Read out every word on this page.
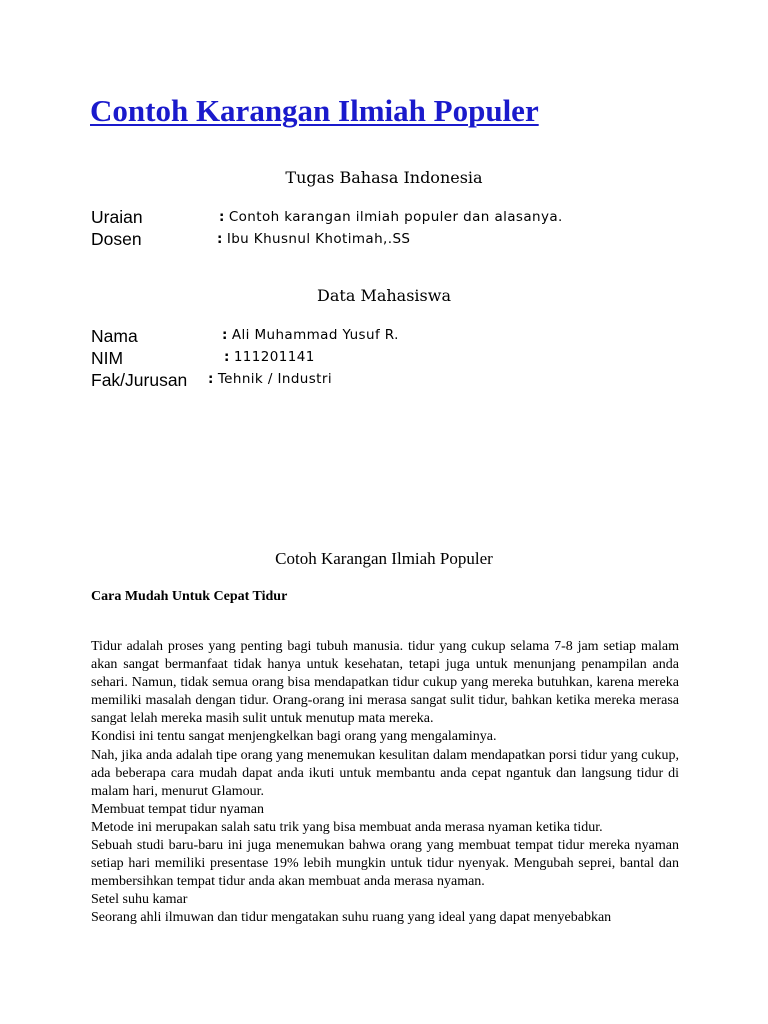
Contoh Karangan Ilmiah Populer
Tugas Bahasa Indonesia
Uraian	: Contoh karangan ilmiah populer dan alasanya.
Dosen	: Ibu Khusnul Khotimah,.SS
Data Mahasiswa
Nama	: Ali Muhammad Yusuf R.
NIM	: 111201141
Fak/Jurusan : Tehnik / Industri
Cotoh Karangan Ilmiah Populer
Cara Mudah Untuk Cepat Tidur

Tidur adalah proses yang penting bagi tubuh manusia. tidur yang cukup selama 7-8 jam setiap malam akan sangat bermanfaat tidak hanya untuk kesehatan, tetapi juga untuk menunjang penampilan anda sehari. Namun, tidak semua orang bisa mendapatkan tidur cukup yang mereka butuhkan, karena mereka memiliki masalah dengan tidur. Orang-orang ini merasa sangat sulit tidur, bahkan ketika mereka merasa sangat lelah mereka masih sulit untuk menutup mata mereka.

Kondisi ini tentu sangat menjengkelkan bagi orang yang mengalaminya.

Nah, jika anda adalah tipe orang yang menemukan kesulitan dalam mendapatkan porsi tidur yang cukup, ada beberapa cara mudah dapat anda ikuti untuk membantu anda cepat ngantuk dan langsung tidur di malam hari, menurut Glamour.

Membuat tempat tidur nyaman

Metode ini merupakan salah satu trik yang bisa membuat anda merasa nyaman ketika tidur.

Sebuah studi baru-baru ini juga menemukan bahwa orang yang membuat tempat tidur mereka nyaman setiap hari memiliki presentase 19% lebih mungkin untuk tidur nyenyak. Mengubah seprei, bantal dan membersihkan tempat tidur anda akan membuat anda merasa nyaman.

Setel suhu kamar

Seorang ahli ilmuwan dan tidur mengatakan suhu ruang yang ideal yang dapat menyebabkan
